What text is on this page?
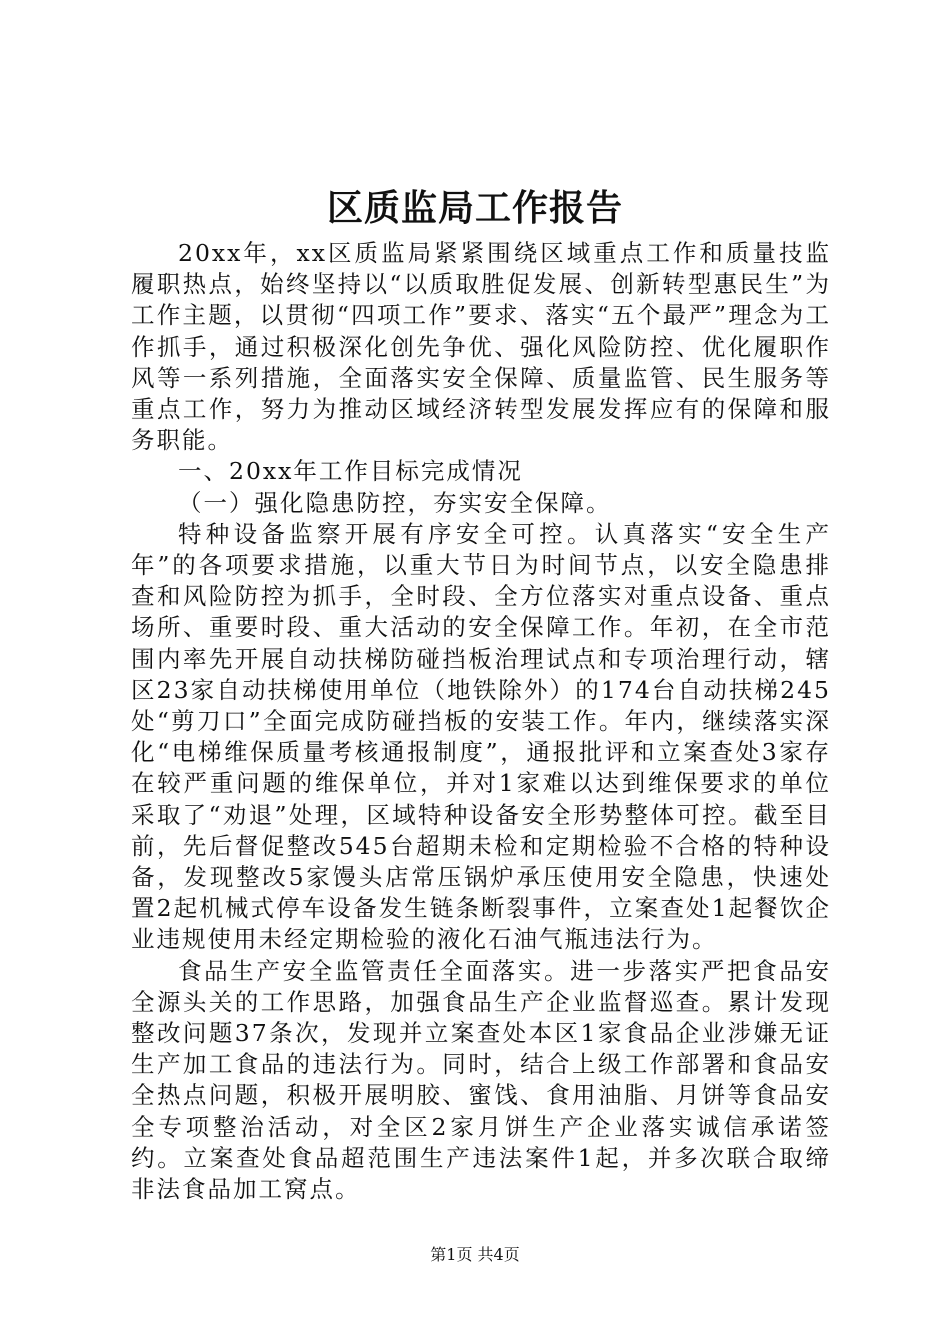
区质监局工作报告

20xx年，xx区质监局紧紧围绕区域重点工作和质量技监履职热点，始终坚持以“以质取胜促发展、创新转型惠民生”为工作主题，以贯彻“四项工作”要求、落实“五个最严”理念为工作抓手，通过积极深化创先争优、强化风险防控、优化履职作风等一系列措施，全面落实安全保障、质量监管、民生服务等重点工作，努力为推动区域经济转型发展发挥应有的保障和服务职能。

一、20xx年工作目标完成情况

（一）强化隐患防控，夯实安全保障。

特种设备监察开展有序安全可控。认真落实“安全生产年”的各项要求措施，以重大节日为时间节点，以安全隐患排查和风险防控为抓手，全时段、全方位落实对重点设备、重点场所、重要时段、重大活动的安全保障工作。年初，在全市范围内率先开展自动扶梯防碰挡板治理试点和专项治理行动，辖区23家自动扶梯使用单位（地铁除外）的174台自动扶梯245处“剪刀口”全面完成防碰挡板的安装工作。年内，继续落实深化“电梯维保质量考核通报制度”，通报批评和立案查处3家存在较严重问题的维保单位，并对1家难以达到维保要求的单位采取了“劝退”处理，区域特种设备安全形势整体可控。截至目前，先后督促整改545台超期未检和定期检验不合格的特种设备，发现整改5家馒头店常压锅炉承压使用安全隐患，快速处置2起机械式停车设备发生链条断裂事件，立案查处1起餐饮企业违规使用未经定期检验的液化石油气瓶违法行为。

食品生产安全监管责任全面落实。进一步落实严把食品安全源头关的工作思路，加强食品生产企业监督巡查。累计发现整改问题37条次，发现并立案查处本区1家食品企业涉嫌无证生产加工食品的违法行为。同时，结合上级工作部署和食品安全热点问题，积极开展明胶、蜜饯、食用油脂、月饼等食品安全专项整治活动，对全区2家月饼生产企业落实诚信承诺签约。立案查处食品超范围生产违法案件1起，并多次联合取缔非法食品加工窝点。

第1页 共4页
